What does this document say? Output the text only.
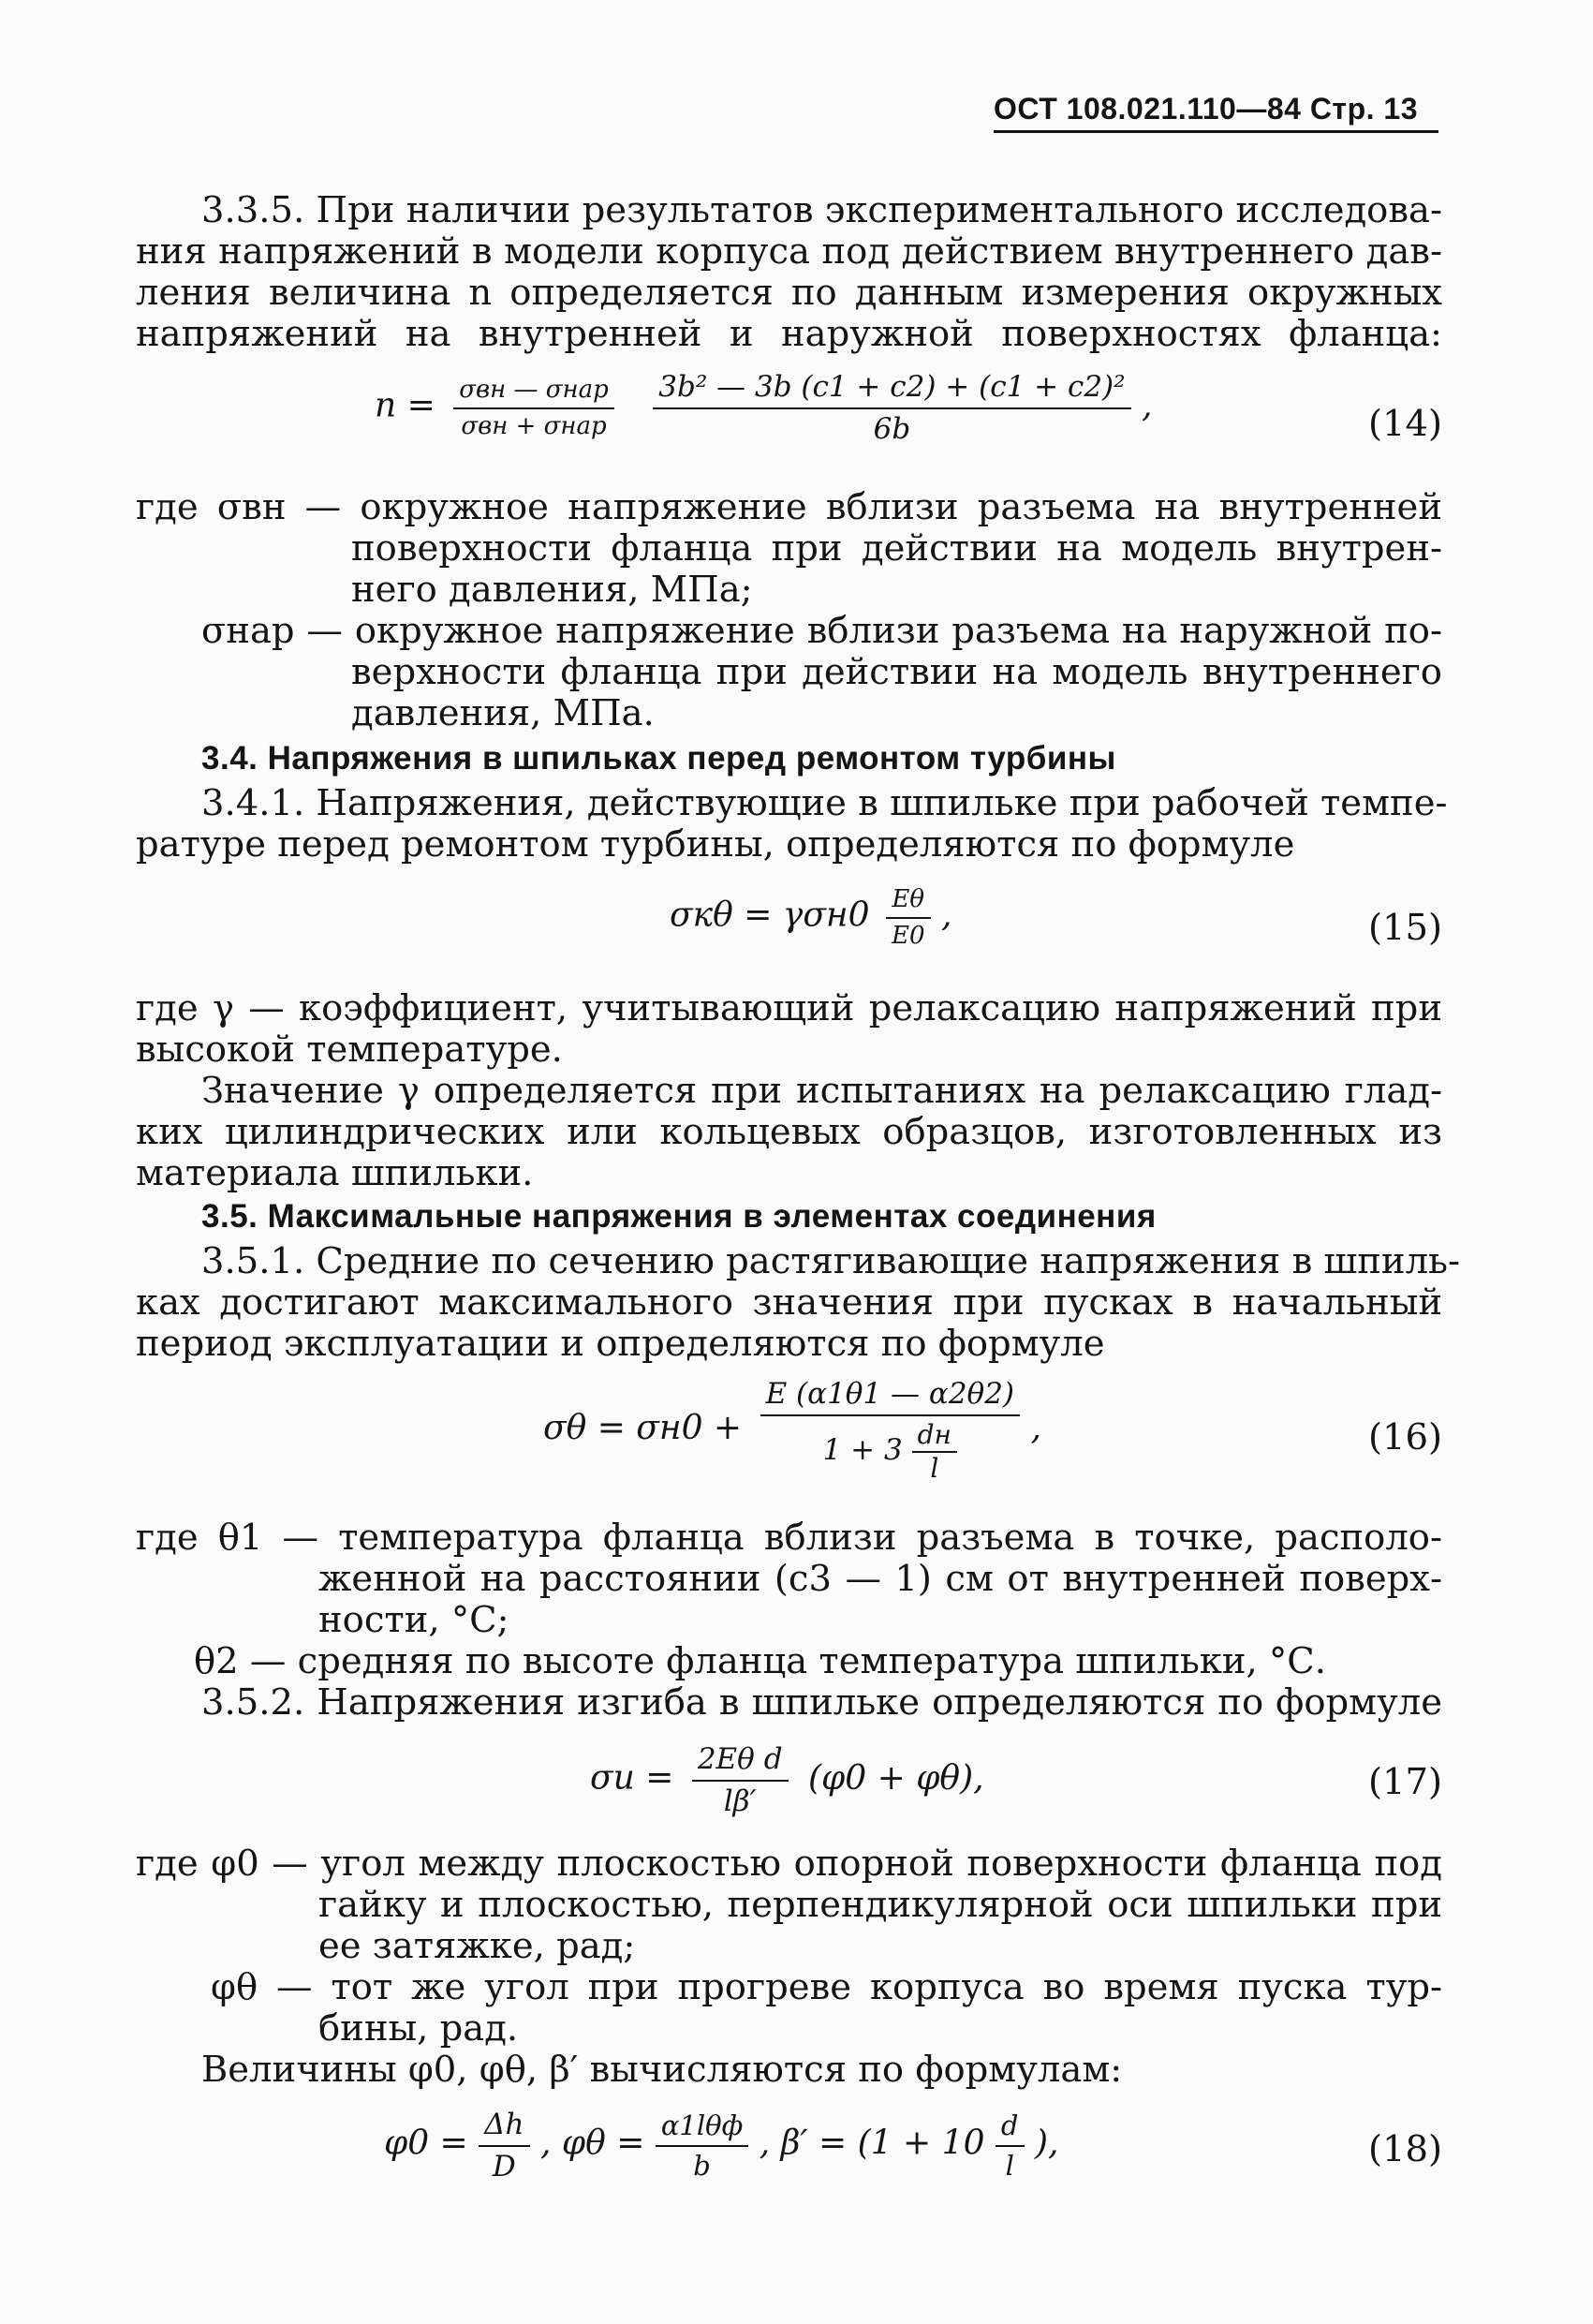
ОСТ 108.021.110—84 Стр. 13
3.3.5. При наличии результатов экспериментального исследова-
ния напряжений в модели корпуса под действием внутреннего дав-
ления величина n определяется по данным измерения окружных
напряжений на внутренней и наружной поверхностях фланца:
$n = \frac{\text{σвн — σнар}}{\text{σвн + σнар}}$
$\frac{\text{3b² — 3b (c1 + c2) + (c1 + c2)²}}{6b}$ ,	(14)
где σвн — окружное напряжение вблизи разъема на внутренней
поверхности фланца при действии на модель внутрен-
него давления, МПа;
σнар — окружное напряжение вблизи разъема на наружной по-
верхности фланца при действии на модель внутреннего
давления, МПа.
3.4. Напряжения в шпильках перед ремонтом турбины
3.4.1. Напряжения, действующие в шпильке при рабочей темпе-
ратуре перед ремонтом турбины, определяются по формуле
$\sigma к\theta = \gamma\sigma н0 \frac{E\theta}{E0}$ ,	(15)
где γ — коэффициент, учитывающий релаксацию напряжений при
высокой температуре.
Значение γ определяется при испытаниях на релаксацию глад-
ких цилиндрических или кольцевых образцов, изготовленных из
материала шпильки.
3.5. Максимальные напряжения в элементах соединения
3.5.1. Средние по сечению растягивающие напряжения в шпиль-
ках достигают максимального значения при пусках в начальный
период эксплуатации и определяются по формуле
$\sigma\theta = \sigma н0 + \frac{E (\alpha 1\theta 1 — \alpha 2\theta 2)}{1 + 3 \frac{dн}{l}}$ ,	(16)
где θ1 — температура фланца вблизи разъема в точке, располо-
женной на расстоянии (с3 — 1) см от внутренней поверх-
ности, °С;
θ2 — средняя по высоте фланца температура шпильки, °С.
3.5.2. Напряжения изгиба в шпильке определяются по формуле
$\sigma и = \frac{\text{2Eθ d}}{l\beta'} (\varphi 0 + \varphi\theta)$,	(17)
где φ0 — угол между плоскостью опорной поверхности фланца под
гайку и плоскостью, перпендикулярной оси шпильки при
ее затяжке, рад;
φθ — тот же угол при прогреве корпуса во время пуска тур-
бины, рад.
Величины φ0, φθ, β′ вычисляются по формулам:
$\varphi 0 = \frac{\Delta h}{D}$ , $\varphi\theta = \frac{\text{α1lθф}}{b}$ , $\beta' = (1 + 10 \frac{d}{l}$ ),	(18)
